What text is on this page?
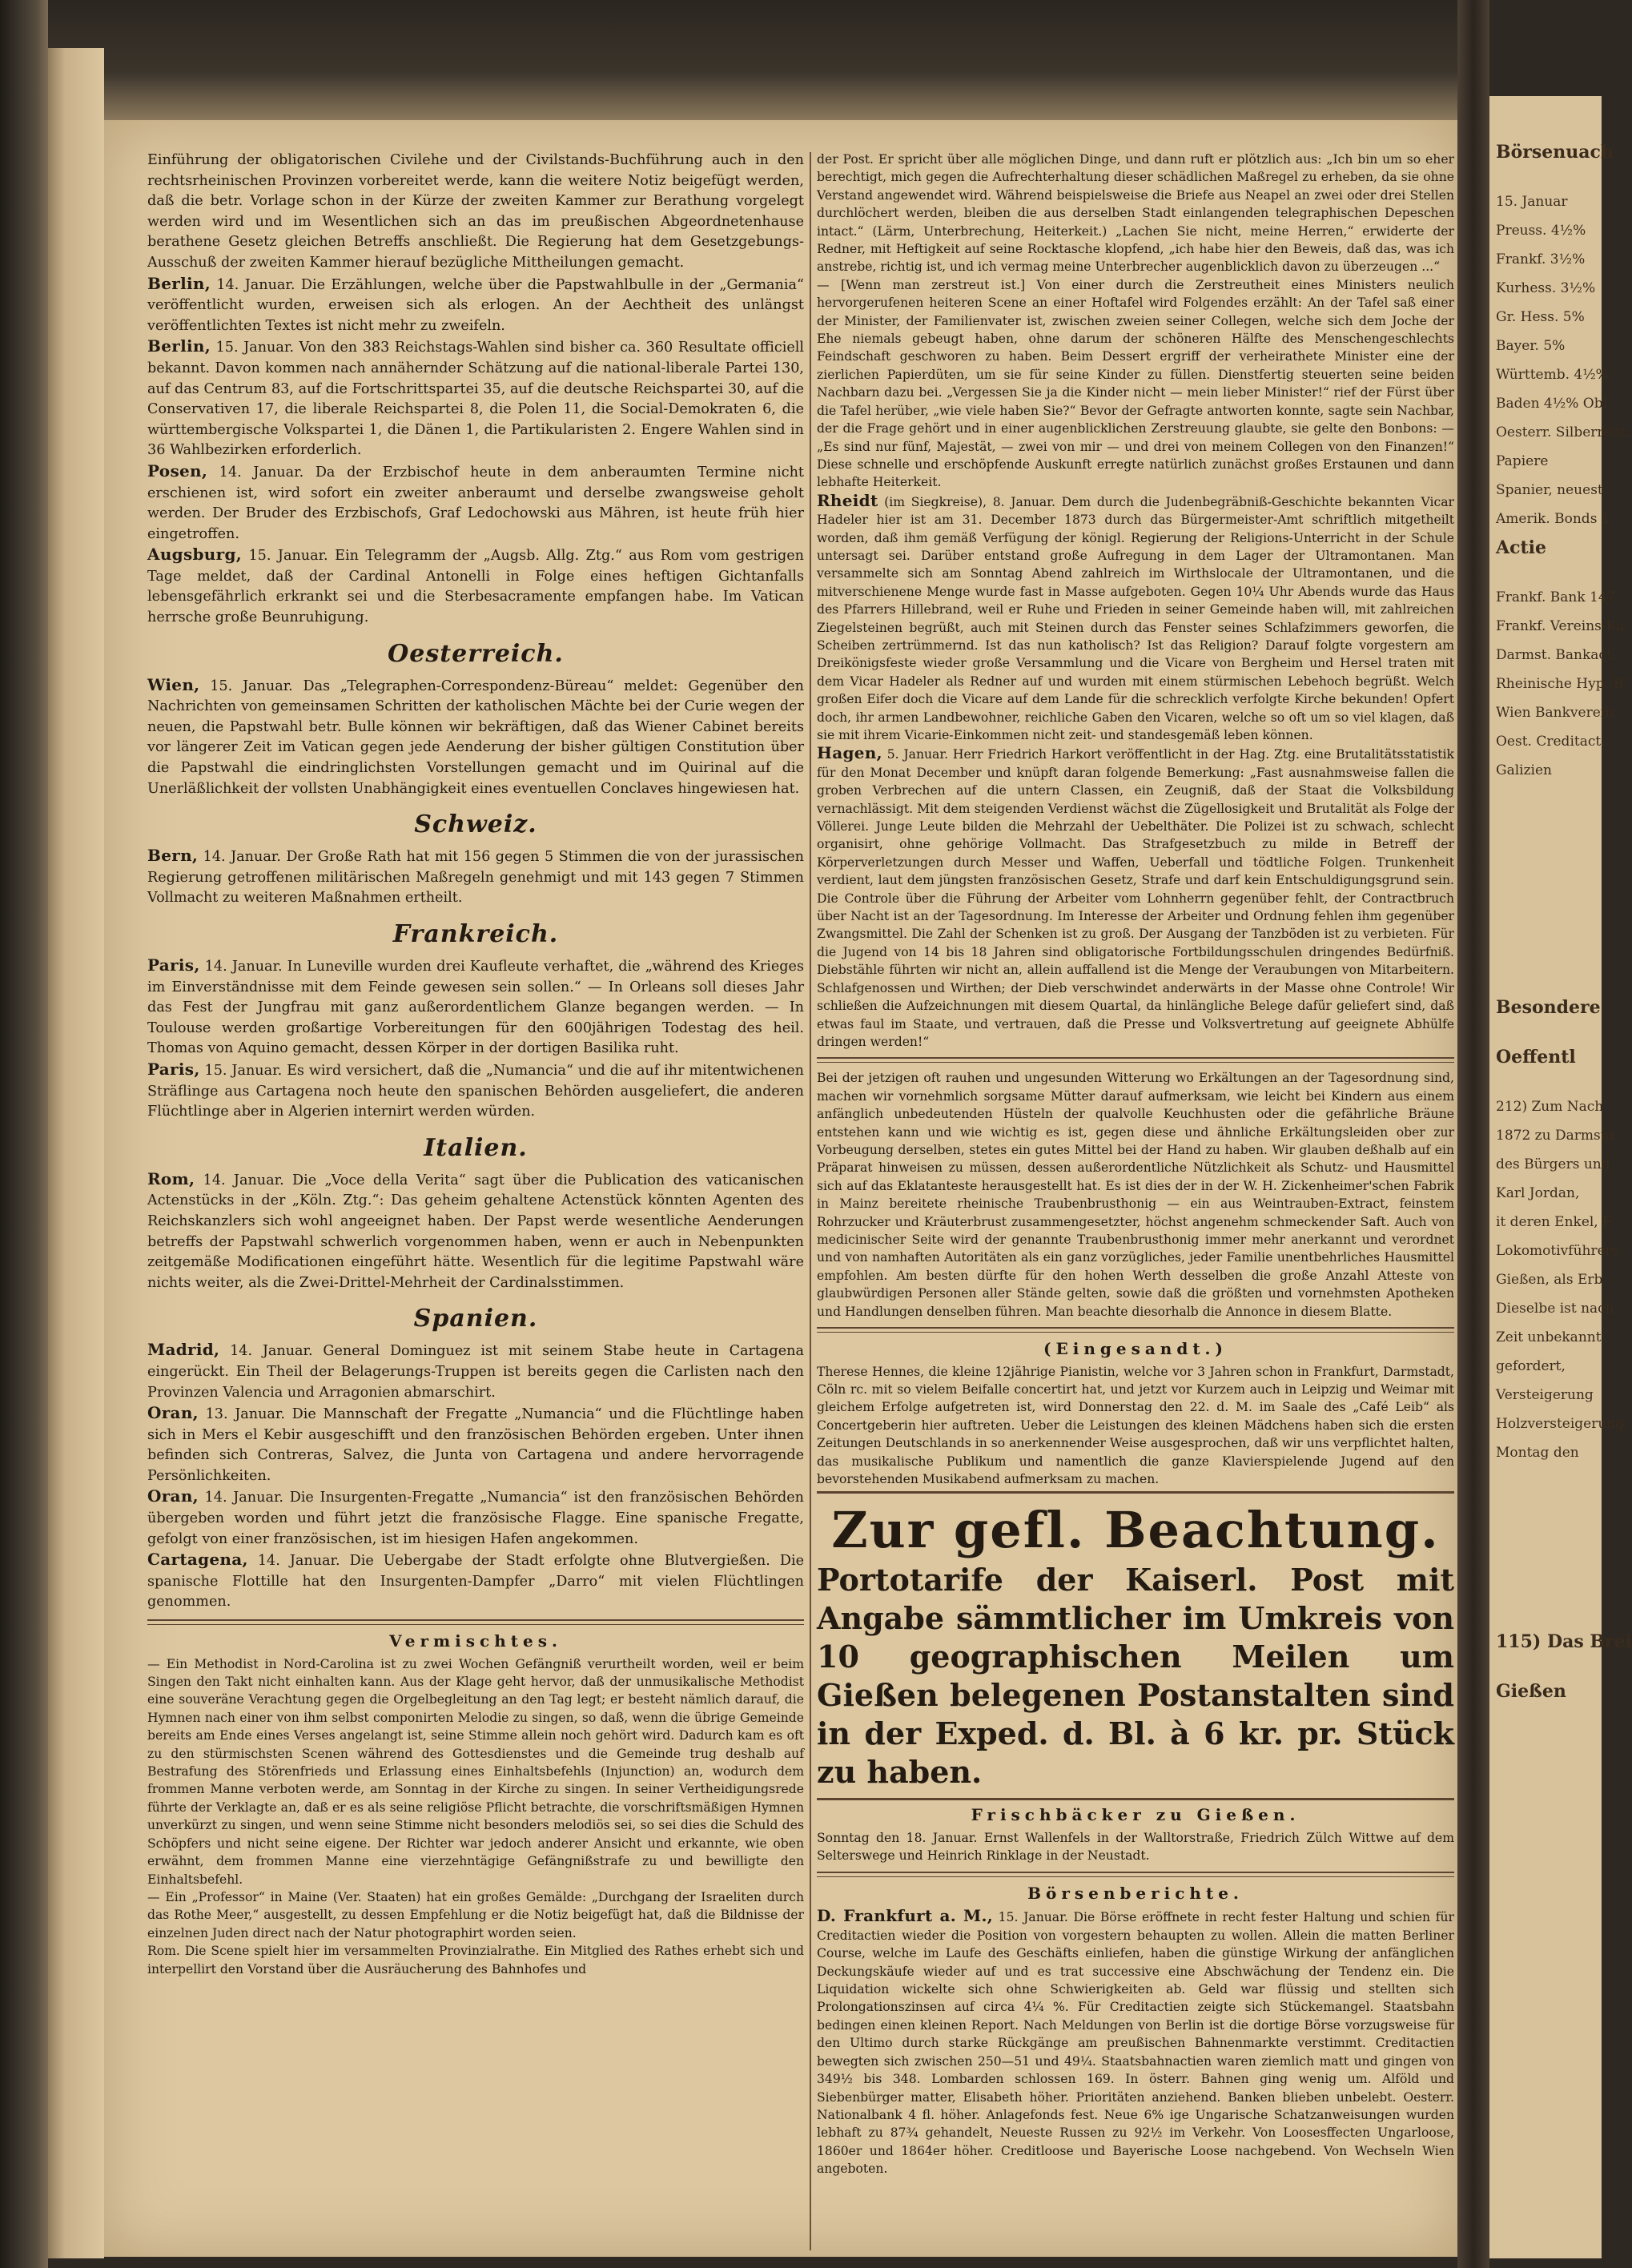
Börsenuach
15. Januar
Preuss. 4½%
Frankf. 3½%
Kurhess. 3½%
Gr. Hess. 5%
Bayer. 5%
Württemb. 4½%
Baden 4½% Obl.
Oesterr. Silberrent.
Papiere
Spanier, neuest.
Amerik. Bonds 1
Actie
Frankf. Bank 147
Frankf. Vereins-Ka
Darmst. Bankact.
Rheinische Hyp.-B
Wien Bankverein
Oest. Creditact.
Galizien
Besondere
Oeffentl
212) Zum Nach
1872 zu Darmsta
des Bürgers und
Karl Jordan,
it deren Enkel, F
Lokomotivführers
Gießen, als Erb
Dieselbe ist nach
Zeit unbekannt
gefordert,
Versteigerung
Holzversteigerung
Montag den
115) Das Brei
Gießen

Einführung der obligatorischen Civilehe und der Civilstands-Buchführung auch in den rechtsrheinischen Provinzen vorbereitet werde, kann die weitere Notiz beigefügt werden, daß die betr. Vorlage schon in der Kürze der zweiten Kammer zur Berathung vorgelegt werden wird und im Wesentlichen sich an das im preußischen Abgeordnetenhause berathene Gesetz gleichen Betreffs anschließt. Die Regierung hat dem Gesetzgebungs-Ausschuß der zweiten Kammer hierauf bezügliche Mittheilungen gemacht.

Berlin, 14. Januar. Die Erzählungen, welche über die Papstwahlbulle in der „Germania“ veröffentlicht wurden, erweisen sich als erlogen. An der Aechtheit des unlängst veröffentlichten Textes ist nicht mehr zu zweifeln.

Berlin, 15. Januar. Von den 383 Reichstags-Wahlen sind bisher ca. 360 Resultate officiell bekannt. Davon kommen nach annähernder Schätzung auf die national-liberale Partei 130, auf das Centrum 83, auf die Fortschrittspartei 35, auf die deutsche Reichspartei 30, auf die Conservativen 17, die liberale Reichspartei 8, die Polen 11, die Social-Demokraten 6, die württembergische Volkspartei 1, die Dänen 1, die Partikularisten 2. Engere Wahlen sind in 36 Wahlbezirken erforderlich.

Posen, 14. Januar. Da der Erzbischof heute in dem anberaumten Termine nicht erschienen ist, wird sofort ein zweiter anberaumt und derselbe zwangsweise geholt werden. Der Bruder des Erzbischofs, Graf Ledochowski aus Mähren, ist heute früh hier eingetroffen.

Augsburg, 15. Januar. Ein Telegramm der „Augsb. Allg. Ztg.“ aus Rom vom gestrigen Tage meldet, daß der Cardinal Antonelli in Folge eines heftigen Gichtanfalls lebensgefährlich erkrankt sei und die Sterbesacramente empfangen habe. Im Vatican herrsche große Beunruhigung.

Oesterreich.

Wien, 15. Januar. Das „Telegraphen-Correspondenz-Büreau“ meldet: Gegenüber den Nachrichten von gemeinsamen Schritten der katholischen Mächte bei der Curie wegen der neuen, die Papstwahl betr. Bulle können wir bekräftigen, daß das Wiener Cabinet bereits vor längerer Zeit im Vatican gegen jede Aenderung der bisher gültigen Constitution über die Papstwahl die eindringlichsten Vorstellungen gemacht und im Quirinal auf die Unerläßlichkeit der vollsten Unabhängigkeit eines eventuellen Conclaves hingewiesen hat.

Schweiz.

Bern, 14. Januar. Der Große Rath hat mit 156 gegen 5 Stimmen die von der jurassischen Regierung getroffenen militärischen Maßregeln genehmigt und mit 143 gegen 7 Stimmen Vollmacht zu weiteren Maßnahmen ertheilt.

Frankreich.

Paris, 14. Januar. In Luneville wurden drei Kaufleute verhaftet, die „während des Krieges im Einverständnisse mit dem Feinde gewesen sein sollen.“ — In Orleans soll dieses Jahr das Fest der Jungfrau mit ganz außerordentlichem Glanze begangen werden. — In Toulouse werden großartige Vorbereitungen für den 600jährigen Todestag des heil. Thomas von Aquino gemacht, dessen Körper in der dortigen Basilika ruht.

Paris, 15. Januar. Es wird versichert, daß die „Numancia“ und die auf ihr mitentwichenen Sträflinge aus Cartagena noch heute den spanischen Behörden ausgeliefert, die anderen Flüchtlinge aber in Algerien internirt werden würden.

Italien.

Rom, 14. Januar. Die „Voce della Verita“ sagt über die Publication des vaticanischen Actenstücks in der „Köln. Ztg.“: Das geheim gehaltene Actenstück könnten Agenten des Reichskanzlers sich wohl angeeignet haben. Der Papst werde wesentliche Aenderungen betreffs der Papstwahl schwerlich vorgenommen haben, wenn er auch in Nebenpunkten zeitgemäße Modificationen eingeführt hätte. Wesentlich für die legitime Papstwahl wäre nichts weiter, als die Zwei-Drittel-Mehrheit der Cardinalsstimmen.

Spanien.

Madrid, 14. Januar. General Dominguez ist mit seinem Stabe heute in Cartagena eingerückt. Ein Theil der Belagerungs-Truppen ist bereits gegen die Carlisten nach den Provinzen Valencia und Arragonien abmarschirt.

Oran, 13. Januar. Die Mannschaft der Fregatte „Numancia“ und die Flüchtlinge haben sich in Mers el Kebir ausgeschifft und den französischen Behörden ergeben. Unter ihnen befinden sich Contreras, Salvez, die Junta von Cartagena und andere hervorragende Persönlichkeiten.

Oran, 14. Januar. Die Insurgenten-Fregatte „Numancia“ ist den französischen Behörden übergeben worden und führt jetzt die französische Flagge. Eine spanische Fregatte, gefolgt von einer französischen, ist im hiesigen Hafen angekommen.

Cartagena, 14. Januar. Die Uebergabe der Stadt erfolgte ohne Blutvergießen. Die spanische Flottille hat den Insurgenten-Dampfer „Darro“ mit vielen Flüchtlingen genommen.

Vermischtes.

— Ein Methodist in Nord-Carolina ist zu zwei Wochen Gefängniß verurtheilt worden, weil er beim Singen den Takt nicht einhalten kann. Aus der Klage geht hervor, daß der unmusikalische Methodist eine souveräne Verachtung gegen die Orgelbegleitung an den Tag legt; er besteht nämlich darauf, die Hymnen nach einer von ihm selbst componirten Melodie zu singen, so daß, wenn die übrige Gemeinde bereits am Ende eines Verses angelangt ist, seine Stimme allein noch gehört wird. Dadurch kam es oft zu den stürmischsten Scenen während des Gottesdienstes und die Gemeinde trug deshalb auf Bestrafung des Störenfrieds und Erlassung eines Einhaltsbefehls (Injunction) an, wodurch dem frommen Manne verboten werde, am Sonntag in der Kirche zu singen. In seiner Vertheidigungsrede führte der Verklagte an, daß er es als seine religiöse Pflicht betrachte, die vorschriftsmäßigen Hymnen unverkürzt zu singen, und wenn seine Stimme nicht besonders melodiös sei, so sei dies die Schuld des Schöpfers und nicht seine eigene. Der Richter war jedoch anderer Ansicht und erkannte, wie oben erwähnt, dem frommen Manne eine vierzehntägige Gefängnißstrafe zu und bewilligte den Einhaltsbefehl.

— Ein „Professor“ in Maine (Ver. Staaten) hat ein großes Gemälde: „Durchgang der Israeliten durch das Rothe Meer,“ ausgestellt, zu dessen Empfehlung er die Notiz beigefügt hat, daß die Bildnisse der einzelnen Juden direct nach der Natur photographirt worden seien.

Rom. Die Scene spielt hier im versammelten Provinzialrathe. Ein Mitglied des Rathes erhebt sich und interpellirt den Vorstand über die Ausräucherung des Bahnhofes und

der Post. Er spricht über alle möglichen Dinge, und dann ruft er plötzlich aus: „Ich bin um so eher berechtigt, mich gegen die Aufrechterhaltung dieser schädlichen Maßregel zu erheben, da sie ohne Verstand angewendet wird. Während beispielsweise die Briefe aus Neapel an zwei oder drei Stellen durchlöchert werden, bleiben die aus derselben Stadt einlangenden telegraphischen Depeschen intact.“ (Lärm, Unterbrechung, Heiterkeit.) „Lachen Sie nicht, meine Herren,“ erwiderte der Redner, mit Heftigkeit auf seine Rocktasche klopfend, „ich habe hier den Beweis, daß das, was ich anstrebe, richtig ist, und ich vermag meine Unterbrecher augenblicklich davon zu überzeugen ...“

— [Wenn man zerstreut ist.] Von einer durch die Zerstreutheit eines Ministers neulich hervorgerufenen heiteren Scene an einer Hoftafel wird Folgendes erzählt: An der Tafel saß einer der Minister, der Familienvater ist, zwischen zweien seiner Collegen, welche sich dem Joche der Ehe niemals gebeugt haben, ohne darum der schöneren Hälfte des Menschengeschlechts Feindschaft geschworen zu haben. Beim Dessert ergriff der verheirathete Minister eine der zierlichen Papierdüten, um sie für seine Kinder zu füllen. Dienstfertig steuerten seine beiden Nachbarn dazu bei. „Vergessen Sie ja die Kinder nicht — mein lieber Minister!“ rief der Fürst über die Tafel herüber, „wie viele haben Sie?“ Bevor der Gefragte antworten konnte, sagte sein Nachbar, der die Frage gehört und in einer augenblicklichen Zerstreuung glaubte, sie gelte den Bonbons: — „Es sind nur fünf, Majestät, — zwei von mir — und drei von meinem Collegen von den Finanzen!“ Diese schnelle und erschöpfende Auskunft erregte natürlich zunächst großes Erstaunen und dann lebhafte Heiterkeit.

Rheidt (im Siegkreise), 8. Januar. Dem durch die Judenbegräbniß-Geschichte bekannten Vicar Hadeler hier ist am 31. December 1873 durch das Bürgermeister-Amt schriftlich mitgetheilt worden, daß ihm gemäß Verfügung der königl. Regierung der Religions-Unterricht in der Schule untersagt sei. Darüber entstand große Aufregung in dem Lager der Ultramontanen. Man versammelte sich am Sonntag Abend zahlreich im Wirthslocale der Ultramontanen, und die mitverschienene Menge wurde fast in Masse aufgeboten. Gegen 10¼ Uhr Abends wurde das Haus des Pfarrers Hillebrand, weil er Ruhe und Frieden in seiner Gemeinde haben will, mit zahlreichen Ziegelsteinen begrüßt, auch mit Steinen durch das Fenster seines Schlafzimmers geworfen, die Scheiben zertrümmernd. Ist das nun katholisch? Ist das Religion? Darauf folgte vorgestern am Dreikönigsfeste wieder große Versammlung und die Vicare von Bergheim und Hersel traten mit dem Vicar Hadeler als Redner auf und wurden mit einem stürmischen Lebehoch begrüßt. Welch großen Eifer doch die Vicare auf dem Lande für die schrecklich verfolgte Kirche bekunden! Opfert doch, ihr armen Landbewohner, reichliche Gaben den Vicaren, welche so oft um so viel klagen, daß sie mit ihrem Vicarie-Einkommen nicht zeit- und standesgemäß leben können.

Hagen, 5. Januar. Herr Friedrich Harkort veröffentlicht in der Hag. Ztg. eine Brutalitätsstatistik für den Monat December und knüpft daran folgende Bemerkung: „Fast ausnahmsweise fallen die groben Verbrechen auf die untern Classen, ein Zeugniß, daß der Staat die Volksbildung vernachlässigt. Mit dem steigenden Verdienst wächst die Zügellosigkeit und Brutalität als Folge der Völlerei. Junge Leute bilden die Mehrzahl der Uebelthäter. Die Polizei ist zu schwach, schlecht organisirt, ohne gehörige Vollmacht. Das Strafgesetzbuch zu milde in Betreff der Körperverletzungen durch Messer und Waffen, Ueberfall und tödtliche Folgen. Trunkenheit verdient, laut dem jüngsten französischen Gesetz, Strafe und darf kein Entschuldigungsgrund sein. Die Controle über die Führung der Arbeiter vom Lohnherrn gegenüber fehlt, der Contractbruch über Nacht ist an der Tagesordnung. Im Interesse der Arbeiter und Ordnung fehlen ihm gegenüber Zwangsmittel. Die Zahl der Schenken ist zu groß. Der Ausgang der Tanzböden ist zu verbieten. Für die Jugend von 14 bis 18 Jahren sind obligatorische Fortbildungsschulen dringendes Bedürfniß. Diebstähle führten wir nicht an, allein auffallend ist die Menge der Veraubungen von Mitarbeitern. Schlafgenossen und Wirthen; der Dieb verschwindet anderwärts in der Masse ohne Controle! Wir schließen die Aufzeichnungen mit diesem Quartal, da hinlängliche Belege dafür geliefert sind, daß etwas faul im Staate, und vertrauen, daß die Presse und Volksvertretung auf geeignete Abhülfe dringen werden!“

Bei der jetzigen oft rauhen und ungesunden Witterung wo Erkältungen an der Tagesordnung sind, machen wir vornehmlich sorgsame Mütter darauf aufmerksam, wie leicht bei Kindern aus einem anfänglich unbedeutenden Hüsteln der qualvolle Keuchhusten oder die gefährliche Bräune entstehen kann und wie wichtig es ist, gegen diese und ähnliche Erkältungsleiden ober zur Vorbeugung derselben, stetes ein gutes Mittel bei der Hand zu haben. Wir glauben deßhalb auf ein Präparat hinweisen zu müssen, dessen außerordentliche Nützlichkeit als Schutz- und Hausmittel sich auf das Eklatanteste herausgestellt hat. Es ist dies der in der W. H. Zickenheimer'schen Fabrik in Mainz bereitete rheinische Traubenbrusthonig — ein aus Weintrauben-Extract, feinstem Rohrzucker und Kräuterbrust zusammengesetzter, höchst angenehm schmeckender Saft. Auch von medicinischer Seite wird der genannte Traubenbrusthonig immer mehr anerkannt und verordnet und von namhaften Autoritäten als ein ganz vorzügliches, jeder Familie unentbehrliches Hausmittel empfohlen. Am besten dürfte für den hohen Werth desselben die große Anzahl Atteste von glaubwürdigen Personen aller Stände gelten, sowie daß die größten und vornehmsten Apotheken und Handlungen denselben führen. Man beachte diesorhalb die Annonce in diesem Blatte.

(Eingesandt.)

Therese Hennes, die kleine 12jährige Pianistin, welche vor 3 Jahren schon in Frankfurt, Darmstadt, Cöln rc. mit so vielem Beifalle concertirt hat, und jetzt vor Kurzem auch in Leipzig und Weimar mit gleichem Erfolge aufgetreten ist, wird Donnerstag den 22. d. M. im Saale des „Café Leib“ als Concertgeberin hier auftreten. Ueber die Leistungen des kleinen Mädchens haben sich die ersten Zeitungen Deutschlands in so anerkennender Weise ausgesprochen, daß wir uns verpflichtet halten, das musikalische Publikum und namentlich die ganze Klavierspielende Jugend auf den bevorstehenden Musikabend aufmerksam zu machen.

Zur gefl. Beachtung.
Portotarife der Kaiserl. Post mit Angabe sämmtlicher im Umkreis von 10 geographischen Meilen um Gießen belegenen Postanstalten sind in der Exped. d. Bl. à 6 kr. pr. Stück zu haben.
Frischbäcker zu Gießen.

Sonntag den 18. Januar. Ernst Wallenfels in der Walltorstraße, Friedrich Zülch Wittwe auf dem Selterswege und Heinrich Rinklage in der Neustadt.

Börsenberichte.

D. Frankfurt a. M., 15. Januar. Die Börse eröffnete in recht fester Haltung und schien für Creditactien wieder die Position von vorgestern behaupten zu wollen. Allein die matten Berliner Course, welche im Laufe des Geschäfts einliefen, haben die günstige Wirkung der anfänglichen Deckungskäufe wieder auf und es trat successive eine Abschwächung der Tendenz ein. Die Liquidation wickelte sich ohne Schwierigkeiten ab. Geld war flüssig und stellten sich Prolongationszinsen auf circa 4¼ %. Für Creditactien zeigte sich Stückemangel. Staatsbahn bedingen einen kleinen Report. Nach Meldungen von Berlin ist die dortige Börse vorzugsweise für den Ultimo durch starke Rückgänge am preußischen Bahnenmarkte verstimmt. Creditactien bewegten sich zwischen 250—51 und 49¼. Staatsbahnactien waren ziemlich matt und gingen von 349½ bis 348. Lombarden schlossen 169. In österr. Bahnen ging wenig um. Alföld und Siebenbürger matter, Elisabeth höher. Prioritäten anziehend. Banken blieben unbelebt. Oesterr. Nationalbank 4 fl. höher. Anlagefonds fest. Neue 6% ige Ungarische Schatzanweisungen wurden lebhaft zu 87¾ gehandelt, Neueste Russen zu 92½ im Verkehr. Von Loosesffecten Ungarloose, 1860er und 1864er höher. Creditloose und Bayerische Loose nachgebend. Von Wechseln Wien angeboten.
